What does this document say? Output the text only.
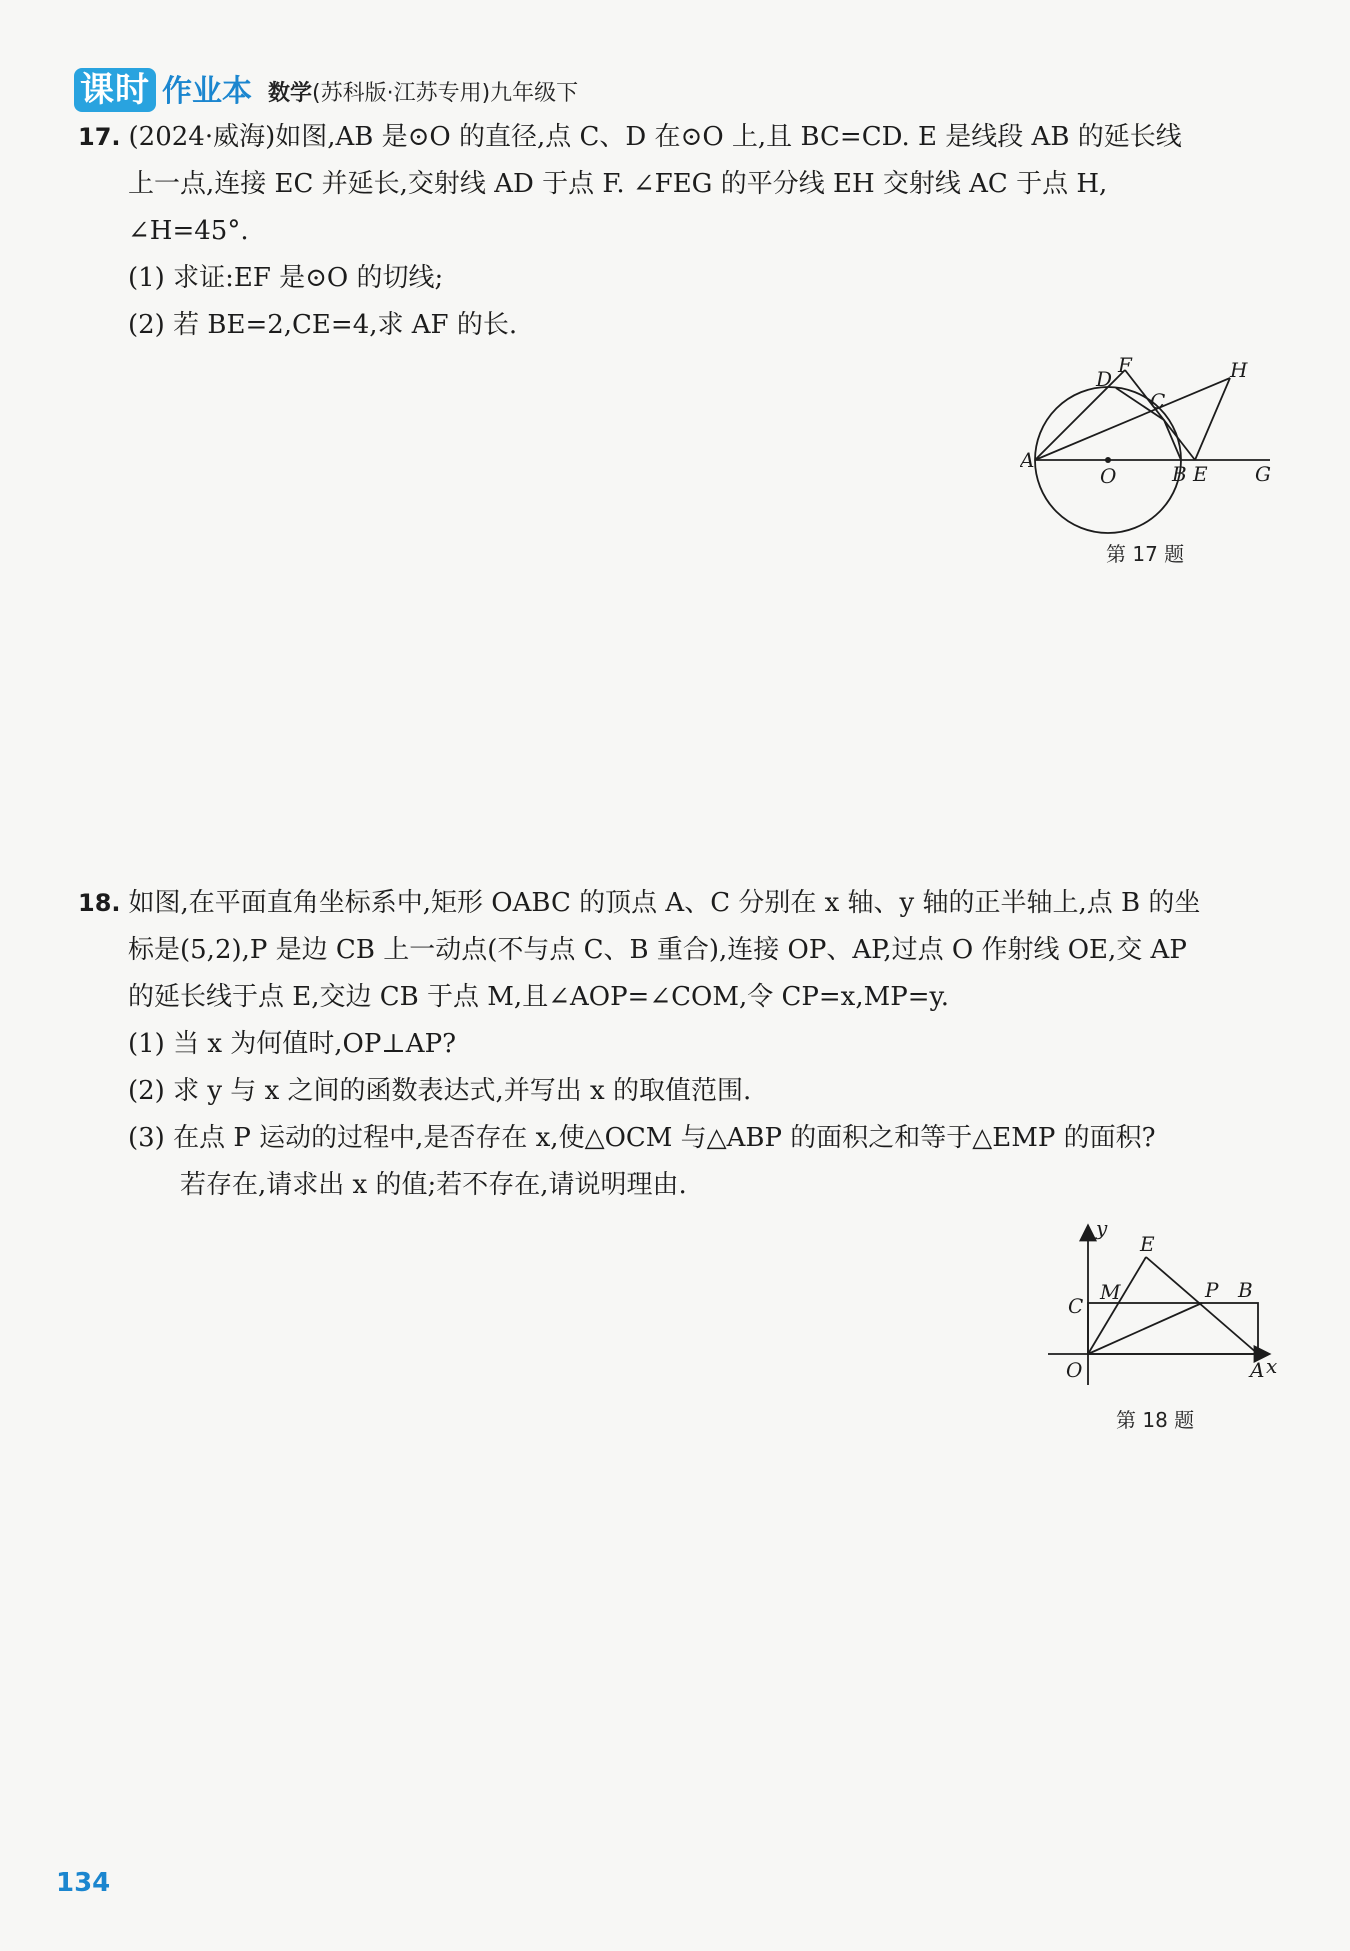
课时 作业本 数学(苏科版·江苏专用)九年级下
17. (2024·威海)如图,AB 是⊙O 的直径,点 C、D 在⊙O 上,且 BC=CD. E 是线段 AB 的延长线
上一点,连接 EC 并延长,交射线 AD 于点 F. ∠FEG 的平分线 EH 交射线 AC 于点 H,
∠H=45°.
(1) 求证:EF 是⊙O 的切线;
(2) 若 BE=2,CE=4,求 AF 的长.
D
F
C
H
A
O	B E G
第 17 题
18. 如图,在平面直角坐标系中,矩形 OABC 的顶点 A、C 分别在 x 轴、y 轴的正半轴上,点 B 的坐
标是(5,2),P 是边 CB 上一动点(不与点 C、B 重合),连接 OP、AP,过点 O 作射线 OE,交 AP
的延长线于点 E,交边 CB 于点 M,且∠AOP=∠COM,令 CP=x,MP=y.
(1) 当 x 为何值时,OP⊥AP?
(2) 求 y 与 x 之间的函数表达式,并写出 x 的取值范围.
(3) 在点 P 运动的过程中,是否存在 x,使△OCM 与△ABP 的面积之和等于△EMP 的面积?
若存在,请求出 x 的值;若不存在,请说明理由.
y
E
C
M	P B
O	A x
第 18 题
134
